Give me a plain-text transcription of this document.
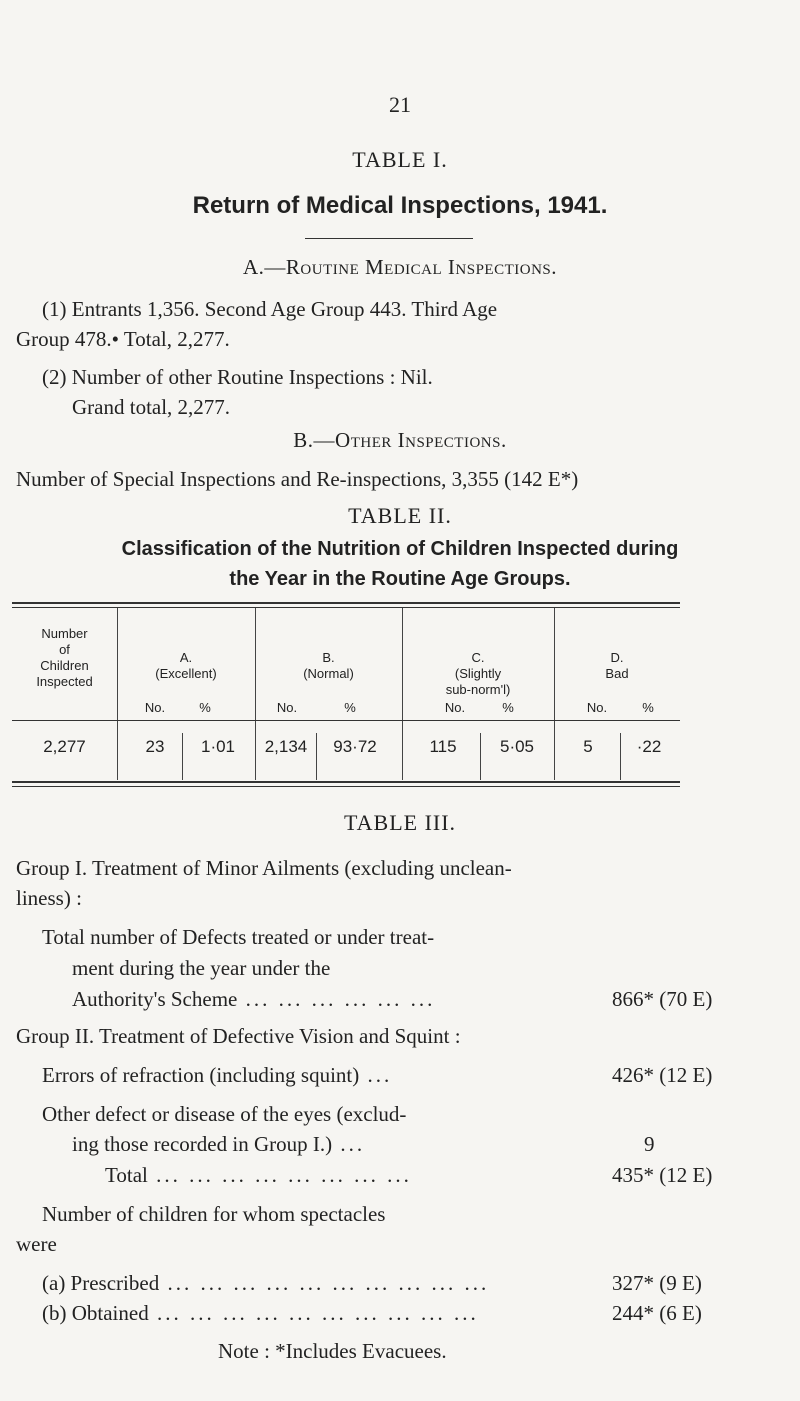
21
TABLE I.
Return of Medical Inspections, 1941.
A.—Routine Medical Inspections.
(1) Entrants 1,356. Second Age Group 443. Third Age
Group 478.• Total, 2,277.
(2) Number of other Routine Inspections : Nil.
Grand total, 2,277.
B.—Other Inspections.
Number of Special Inspections and Re-inspections, 3,355 (142 E*)
TABLE II.
Classification of the Nutrition of Children Inspected during
the Year in the Routine Age Groups.
Number
of
Children
Inspected
A.
(Excellent)
No.	%
B.
(Normal)
No.	%
C.
(Slightly
sub-norm'l)
No.	%
D.
Bad
No.	%
2,277	23	1·01	2,134	93·72	115	5·05	5	·22
TABLE III.
Group I. Treatment of Minor Ailments (excluding unclean-
liness) :
Total number of Defects treated or under treat-
ment during the year under the
Authority's Scheme ... ... ... ... ... ...	866* (70 E)
Group II. Treatment of Defective Vision and Squint :
Errors of refraction (including squint) ...	426* (12 E)
Other defect or disease of the eyes (exclud-
ing those recorded in Group I.) ...	9
Total ... ... ... ... ... ... ... ...	435* (12 E)
Number of children for whom spectacles
were
(a) Prescribed ... ... ... ... ... ... ... ... ... ...	327* (9 E)
(b) Obtained ... ... ... ... ... ... ... ... ... ...	244* (6 E)
Note : *Includes Evacuees.
